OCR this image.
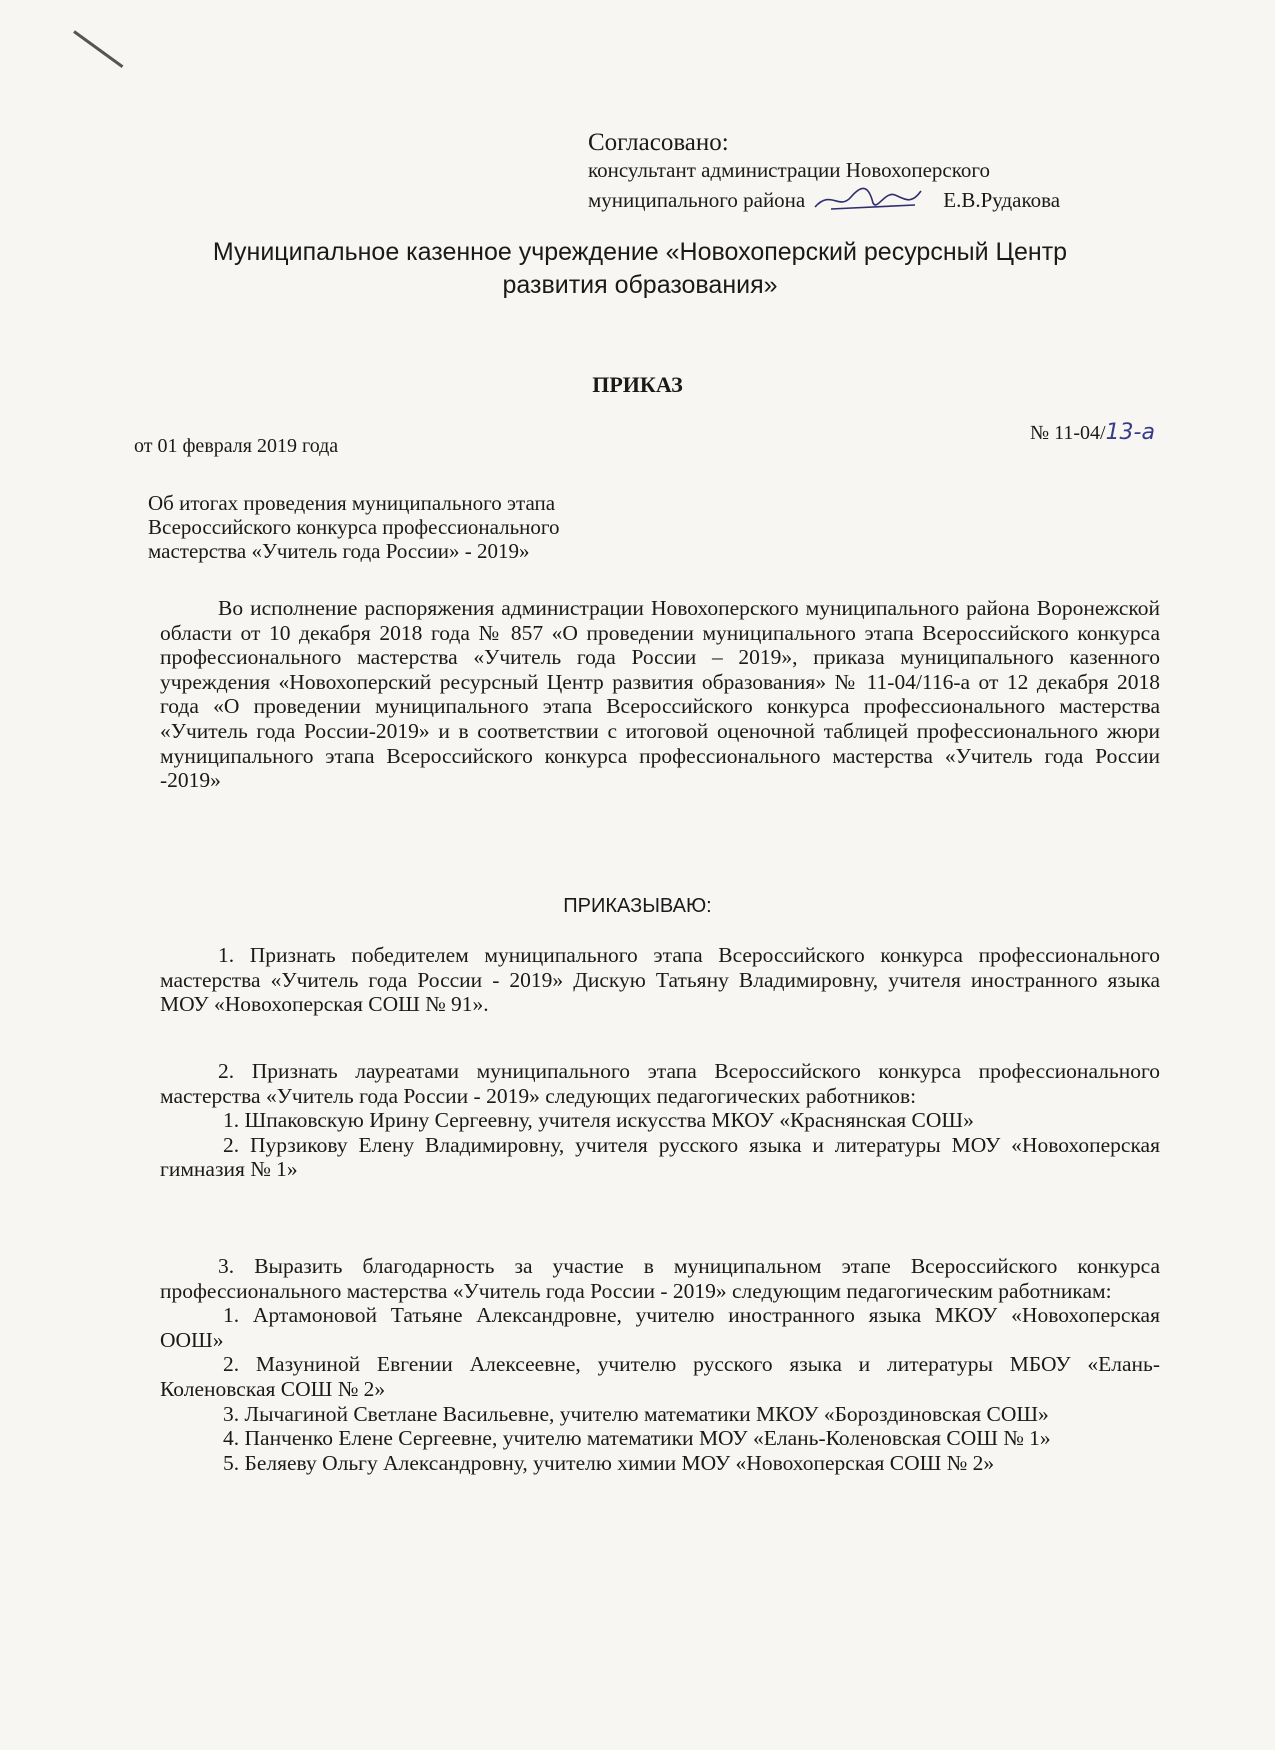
Согласовано:
консультант администрации Новохоперского
муниципального района	Е.В.Рудакова
Муниципальное казенное учреждение «Новохоперский ресурсный Центр
развития образования»
ПРИКАЗ
от 01 февраля 2019 года
№ 11-04/13-а
Об итогах проведения муниципального этапа
Всероссийского конкурса профессионального
мастерства «Учитель года России» - 2019»
Во исполнение распоряжения администрации Новохоперского муниципального района Воронежской области от 10 декабря 2018 года № 857 «О проведении муниципального этапа Всероссийского конкурса профессионального мастерства «Учитель года России – 2019», приказа муниципального казенного учреждения «Новохоперский ресурсный Центр развития образования» № 11-04/116-а от 12 декабря 2018 года «О проведении муниципального этапа Всероссийского конкурса профессионального мастерства «Учитель года России-2019» и в соответствии с итоговой оценочной таблицей профессионального жюри муниципального этапа Всероссийского конкурса профессионального мастерства «Учитель года России -2019»
ПРИКАЗЫВАЮ:
1. Признать победителем муниципального этапа Всероссийского конкурса профессионального мастерства «Учитель года России - 2019» Дискую Татьяну Владимировну, учителя иностранного языка МОУ «Новохоперская СОШ № 91».
2. Признать лауреатами муниципального этапа Всероссийского конкурса профессионального мастерства «Учитель года России - 2019» следующих педагогических работников:
1. Шпаковскую Ирину Сергеевну, учителя искусства МКОУ «Краснянская СОШ»
2. Пурзикову Елену Владимировну, учителя русского языка и литературы МОУ «Новохоперская гимназия № 1»
3. Выразить благодарность за участие в муниципальном этапе Всероссийского конкурса профессионального мастерства «Учитель года России - 2019» следующим педагогическим работникам:
1. Артамоновой Татьяне Александровне, учителю иностранного языка МКОУ «Новохоперская ООШ»
2. Мазуниной Евгении Алексеевне, учителю русского языка и литературы МБОУ «Елань-Коленовская СОШ № 2»
3. Лычагиной Светлане Васильевне, учителю математики МКОУ «Бороздиновская СОШ»
4. Панченко Елене Сергеевне, учителю математики МОУ «Елань-Коленовская СОШ № 1»
5. Беляеву Ольгу Александровну, учителю химии МОУ «Новохоперская СОШ № 2»
